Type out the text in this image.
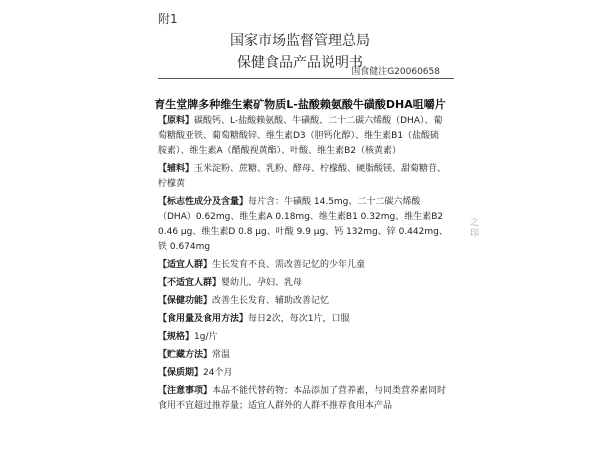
附1
国家市场监督管理总局
保健食品产品说明书
国食健注G20060658
育生堂牌多种维生素矿物质L-盐酸赖氨酸牛磺酸DHA咀嚼片
【原料】碳酸钙、L-盐酸赖氨酸、牛磺酸、二十二碳六烯酸（DHA）、葡萄糖酸亚铁、葡萄糖酸锌、维生素D3（胆钙化醇）、维生素B1（盐酸硫胺素）、维生素A（醋酸视黄酯）、叶酸、维生素B2（核黄素）
【辅料】玉米淀粉、蔗糖、乳粉、酵母、柠檬酸、硬脂酸镁、甜菊糖苷、柠檬黄
【标志性成分及含量】每片含：牛磺酸 14.5mg、二十二碳六烯酸（DHA）0.62mg、维生素A 0.18mg、维生素B1 0.32mg、维生素B2 0.46 μg、维生素D 0.8 μg、叶酸 9.9 μg、钙 132mg、锌 0.442mg、铁 0.674mg
【适宜人群】生长发育不良、需改善记忆的少年儿童
【不适宜人群】婴幼儿、孕妇、乳母
【保健功能】改善生长发育、辅助改善记忆
【食用量及食用方法】每日2次，每次1片，口服
【规格】1g/片
【贮藏方法】常温
【保质期】24个月
【注意事项】本品不能代替药物；本品添加了营养素，与同类营养素同时食用不宜超过推荐量；适宜人群外的人群不推荐食用本产品
之印
